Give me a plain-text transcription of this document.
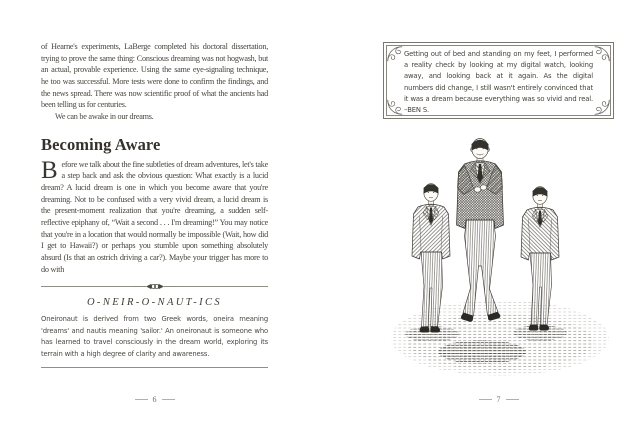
of Hearne's experiments, LaBerge completed his doctoral dissertation, trying to prove the same thing: Conscious dreaming was not hogwash, but an actual, provable experience. Using the same eye-signaling technique, he too was successful. More tests were done to confirm the findings, and the news spread. There was now scientific proof of what the ancients had been telling us for centuries.

We can be awake in our dreams.

Becoming Aware

Before we talk about the fine subtleties of dream adventures, let's take a step back and ask the obvious question: What exactly is a lucid dream? A lucid dream is one in which you become aware that you're dreaming. Not to be confused with a very vivid dream, a lucid dream is the present-moment realization that you're dreaming, a sudden self-reflective epiphany of, “Wait a second . . . I'm dreaming!” You may notice that you're in a location that would normally be impossible (Wait, how did I get to Hawaii?) or perhaps you stumble upon something absolutely absurd (Is that an ostrich driving a car?). Maybe your trigger has more to do with

O-NEIR-O-NAUT-ICS

Oneironaut is derived from two Greek words, oneira meaning 'dreams' and nautis meaning 'sailor.' An oneironaut is someone who has learned to travel consciously in the dream world, exploring its terrain with a high degree of clarity and awareness.

6
Getting out of bed and standing on my feet, I performed a reality check by looking at my digital watch, looking away, and looking back at it again. As the digital numbers did change, I still wasn't entirely convinced that it was a dream because everything was so vivid and real. –BEN S.
7
